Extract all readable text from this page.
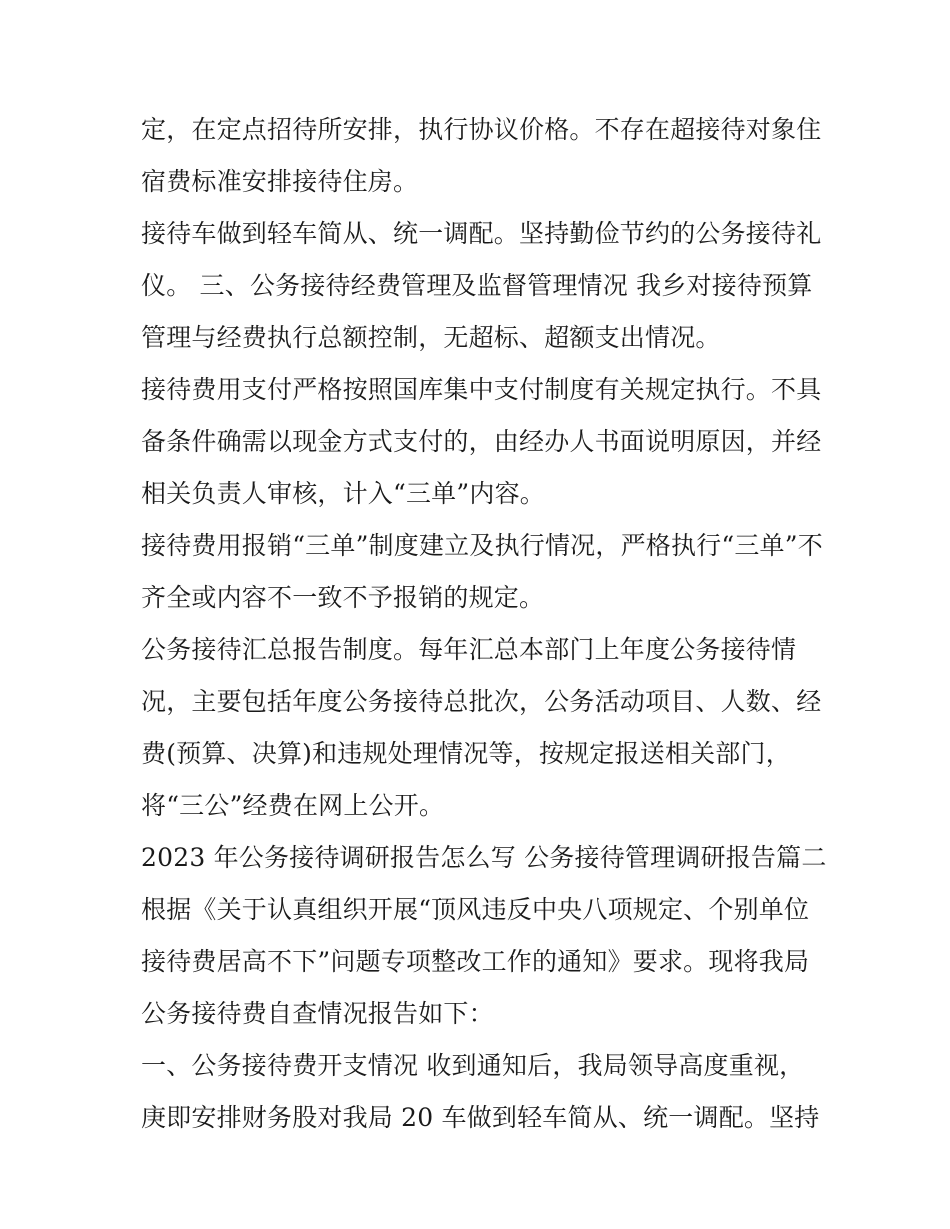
定，在定点招待所安排，执行协议价格。不存在超接待对象住
宿费标准安排接待住房。
接待车做到轻车简从、统一调配。坚持勤俭节约的公务接待礼
仪。 三、公务接待经费管理及监督管理情况 我乡对接待预算
管理与经费执行总额控制，无超标、超额支出情况。
接待费用支付严格按照国库集中支付制度有关规定执行。不具
备条件确需以现金方式支付的，由经办人书面说明原因，并经
相关负责人审核，计入“三单”内容。
接待费用报销“三单”制度建立及执行情况，严格执行“三单”不
齐全或内容不一致不予报销的规定。
公务接待汇总报告制度。每年汇总本部门上年度公务接待情
况，主要包括年度公务接待总批次，公务活动项目、人数、经
费(预算、决算)和违规处理情况等，按规定报送相关部门，
将“三公”经费在网上公开。
2023 年公务接待调研报告怎么写 公务接待管理调研报告篇二
根据《关于认真组织开展“顶风违反中央八项规定、个别单位
接待费居高不下”问题专项整改工作的通知》要求。现将我局
公务接待费自查情况报告如下：
一、公务接待费开支情况 收到通知后，我局领导高度重视，
庚即安排财务股对我局 20 车做到轻车简从、统一调配。坚持
